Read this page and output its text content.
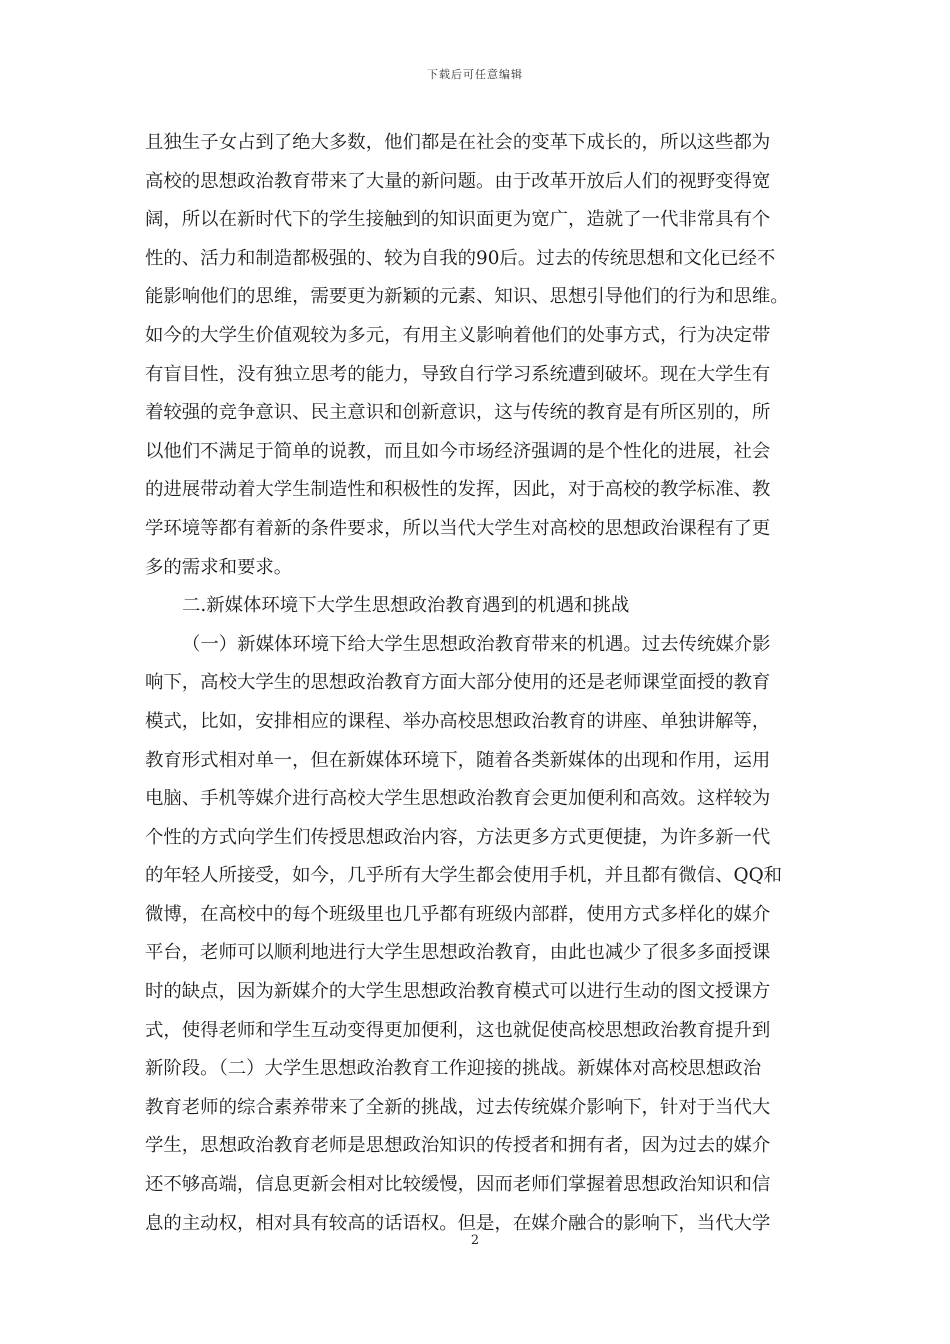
下载后可任意编辑
且独生子女占到了绝大多数，他们都是在社会的变革下成长的，所以这些都为
高校的思想政治教育带来了大量的新问题。由于改革开放后人们的视野变得宽
阔，所以在新时代下的学生接触到的知识面更为宽广，造就了一代非常具有个
性的、活力和制造都极强的、较为自我的90后。过去的传统思想和文化已经不
能影响他们的思维，需要更为新颖的元素、知识、思想引导他们的行为和思维。
如今的大学生价值观较为多元，有用主义影响着他们的处事方式，行为决定带
有盲目性，没有独立思考的能力，导致自行学习系统遭到破坏。现在大学生有
着较强的竞争意识、民主意识和创新意识，这与传统的教育是有所区别的，所
以他们不满足于简单的说教，而且如今市场经济强调的是个性化的进展，社会
的进展带动着大学生制造性和积极性的发挥，因此，对于高校的教学标准、教
学环境等都有着新的条件要求，所以当代大学生对高校的思想政治课程有了更
多的需求和要求。
二.新媒体环境下大学生思想政治教育遇到的机遇和挑战
（一）新媒体环境下给大学生思想政治教育带来的机遇。过去传统媒介影
响下，高校大学生的思想政治教育方面大部分使用的还是老师课堂面授的教育
模式，比如，安排相应的课程、举办高校思想政治教育的讲座、单独讲解等，
教育形式相对单一，但在新媒体环境下，随着各类新媒体的出现和作用，运用
电脑、手机等媒介进行高校大学生思想政治教育会更加便利和高效。这样较为
个性的方式向学生们传授思想政治内容，方法更多方式更便捷，为许多新一代
的年轻人所接受，如今，几乎所有大学生都会使用手机，并且都有微信、QQ和
微博，在高校中的每个班级里也几乎都有班级内部群，使用方式多样化的媒介
平台，老师可以顺利地进行大学生思想政治教育，由此也减少了很多多面授课
时的缺点，因为新媒介的大学生思想政治教育模式可以进行生动的图文授课方
式，使得老师和学生互动变得更加便利，这也就促使高校思想政治教育提升到
新阶段。（二）大学生思想政治教育工作迎接的挑战。新媒体对高校思想政治
教育老师的综合素养带来了全新的挑战，过去传统媒介影响下，针对于当代大
学生，思想政治教育老师是思想政治知识的传授者和拥有者，因为过去的媒介
还不够高端，信息更新会相对比较缓慢，因而老师们掌握着思想政治知识和信
息的主动权，相对具有较高的话语权。但是，在媒介融合的影响下，当代大学
2
